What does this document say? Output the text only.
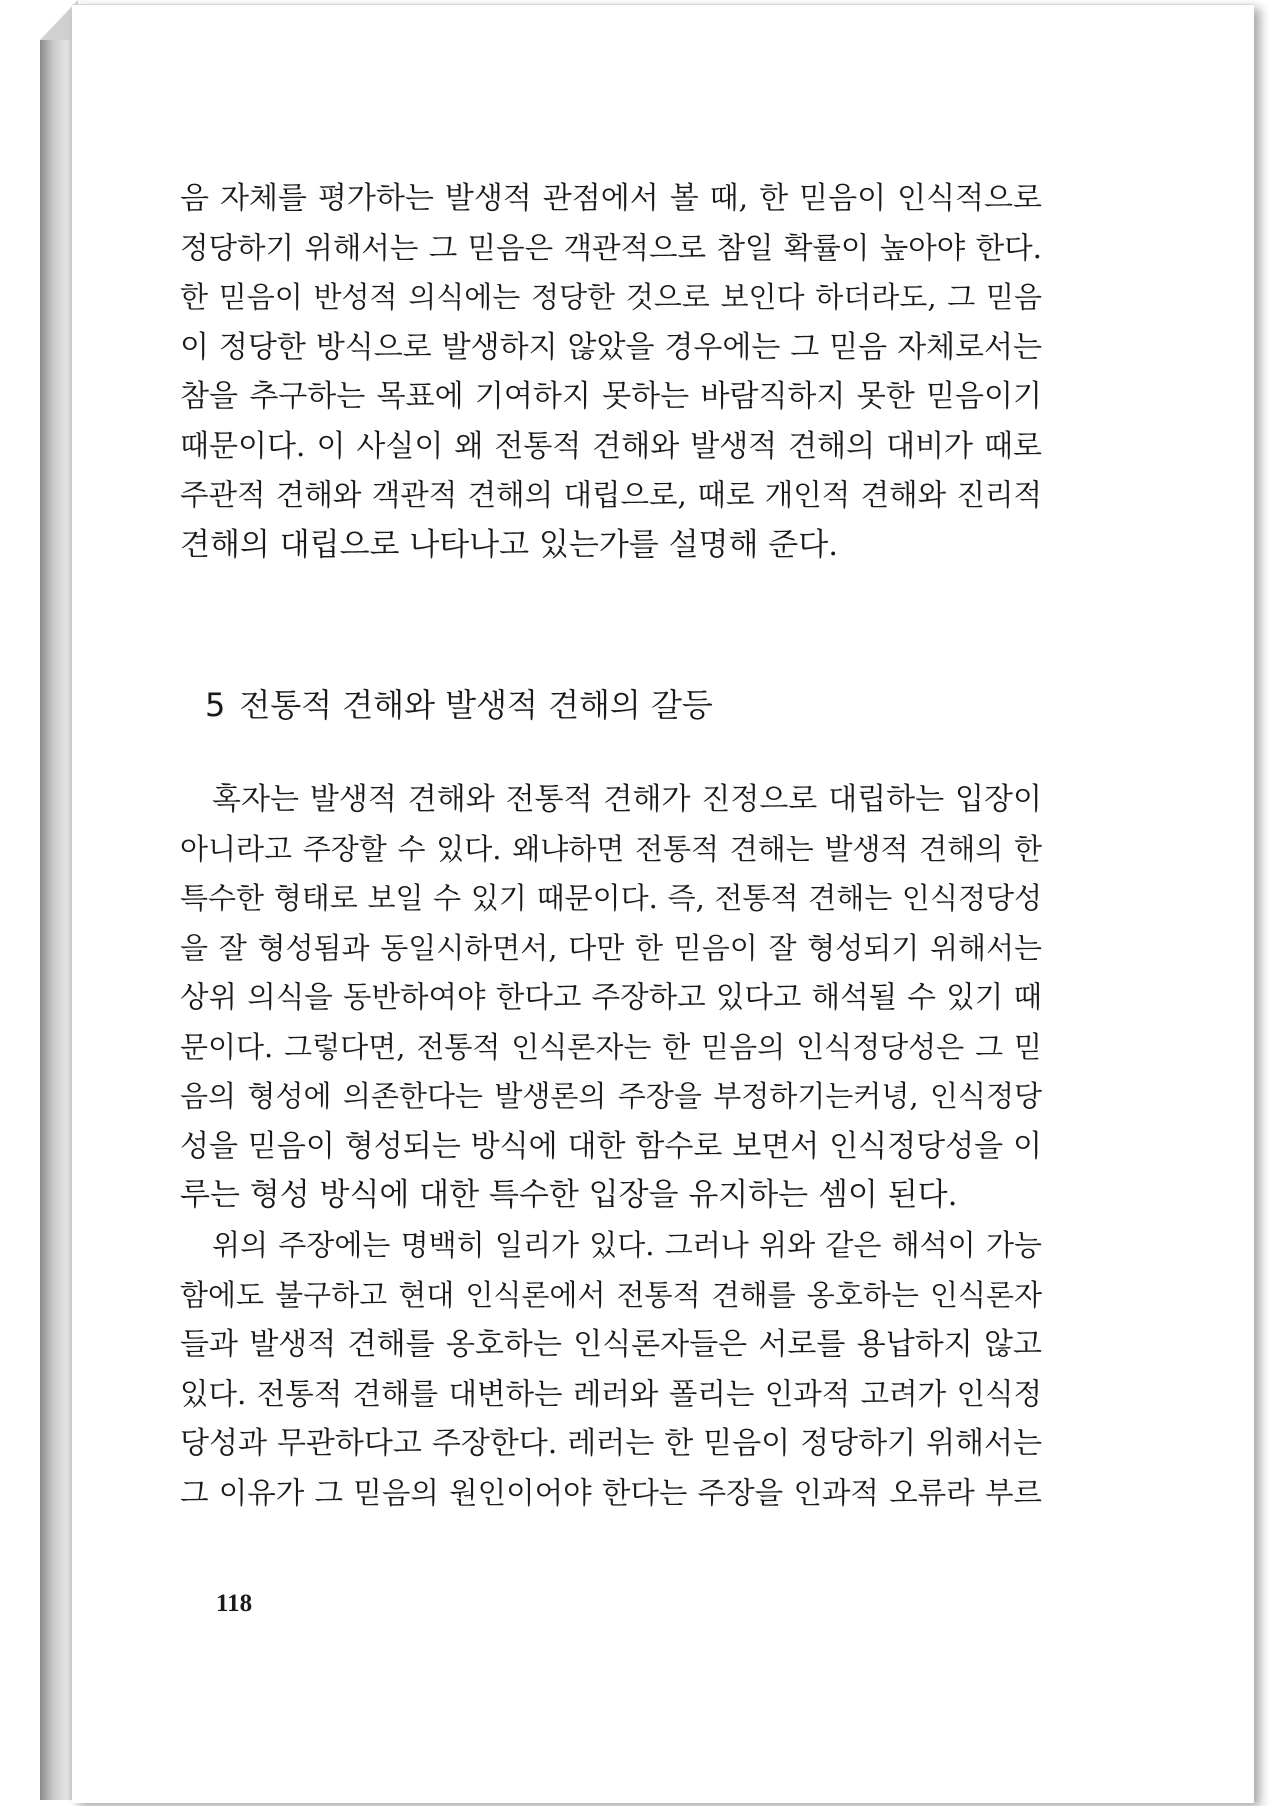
음 자체를 평가하는 발생적 관점에서 볼 때, 한 믿음이 인식적으로
정당하기 위해서는 그 믿음은 객관적으로 참일 확률이 높아야 한다.
한 믿음이 반성적 의식에는 정당한 것으로 보인다 하더라도, 그 믿음
이 정당한 방식으로 발생하지 않았을 경우에는 그 믿음 자체로서는
참을 추구하는 목표에 기여하지 못하는 바람직하지 못한 믿음이기
때문이다. 이 사실이 왜 전통적 견해와 발생적 견해의 대비가 때로
주관적 견해와 객관적 견해의 대립으로, 때로 개인적 견해와 진리적
견해의 대립으로 나타나고 있는가를 설명해 준다.
5 전통적 견해와 발생적 견해의 갈등
혹자는 발생적 견해와 전통적 견해가 진정으로 대립하는 입장이
아니라고 주장할 수 있다. 왜냐하면 전통적 견해는 발생적 견해의 한
특수한 형태로 보일 수 있기 때문이다. 즉, 전통적 견해는 인식정당성
을 잘 형성됨과 동일시하면서, 다만 한 믿음이 잘 형성되기 위해서는
상위 의식을 동반하여야 한다고 주장하고 있다고 해석될 수 있기 때
문이다. 그렇다면, 전통적 인식론자는 한 믿음의 인식정당성은 그 믿
음의 형성에 의존한다는 발생론의 주장을 부정하기는커녕, 인식정당
성을 믿음이 형성되는 방식에 대한 함수로 보면서 인식정당성을 이
루는 형성 방식에 대한 특수한 입장을 유지하는 셈이 된다.
위의 주장에는 명백히 일리가 있다. 그러나 위와 같은 해석이 가능
함에도 불구하고 현대 인식론에서 전통적 견해를 옹호하는 인식론자
들과 발생적 견해를 옹호하는 인식론자들은 서로를 용납하지 않고
있다. 전통적 견해를 대변하는 레러와 폴리는 인과적 고려가 인식정
당성과 무관하다고 주장한다. 레러는 한 믿음이 정당하기 위해서는
그 이유가 그 믿음의 원인이어야 한다는 주장을 인과적 오류라 부르
118
